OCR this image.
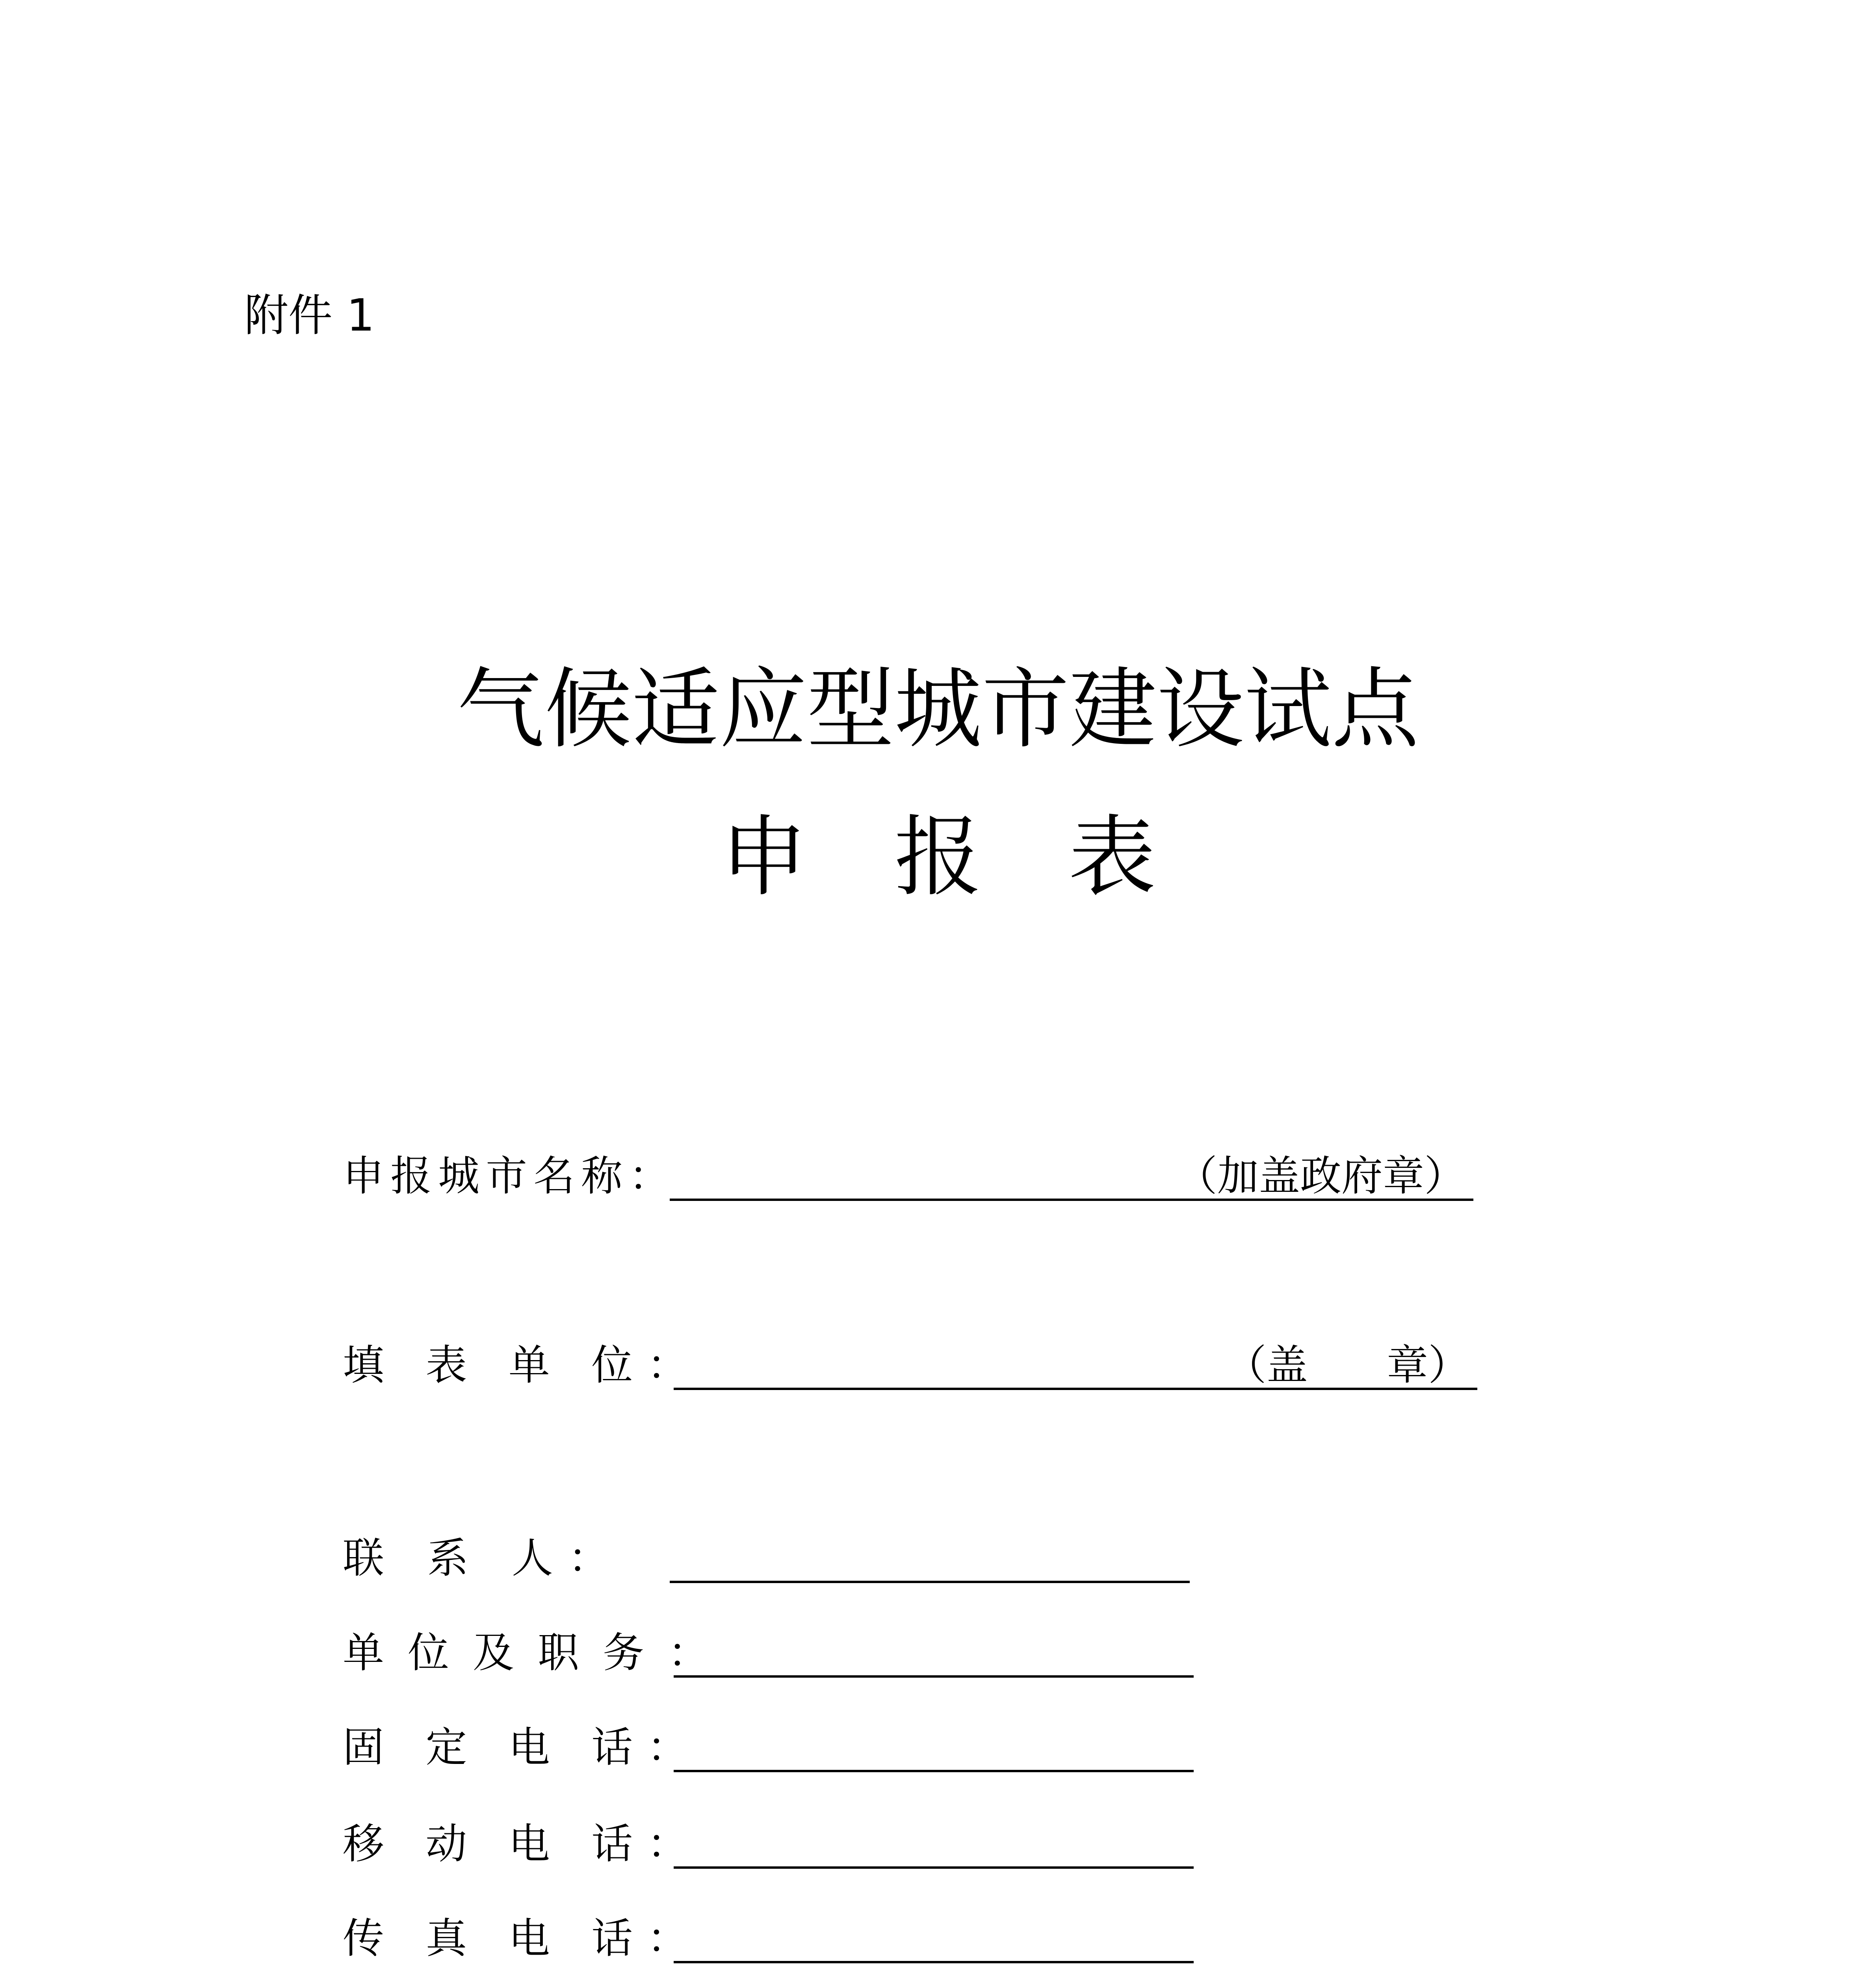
附件 1
气候适应型城市建设试点
申报表
申报城市名称：	（加盖政府章）
填 表 单 位：	（盖      章）
联 系 人：
单位及职务：
固 定 电 话：
移 动 电 话：
传 真 电 话：
